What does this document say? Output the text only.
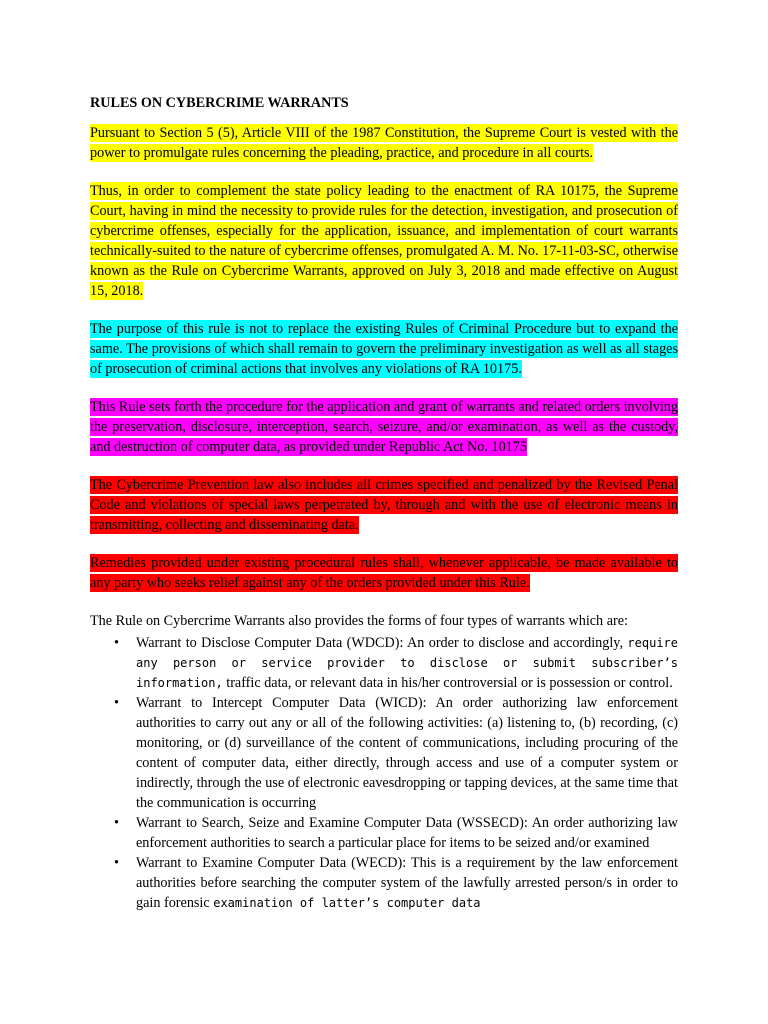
RULES ON CYBERCRIME WARRANTS

Pursuant to Section 5 (5), Article VIII of the 1987 Constitution, the Supreme Court is vested with the power to promulgate rules concerning the pleading, practice, and procedure in all courts.

Thus, in order to complement the state policy leading to the enactment of RA 10175, the Supreme Court, having in mind the necessity to provide rules for the detection, investigation, and prosecution of cybercrime offenses, especially for the application, issuance, and implementation of court warrants technically-suited to the nature of cybercrime offenses, promulgated A. M. No. 17-11-03-SC, otherwise known as the Rule on Cybercrime Warrants, approved on July 3, 2018 and made effective on August 15, 2018.

The purpose of this rule is not to replace the existing Rules of Criminal Procedure but to expand the same. The provisions of which shall remain to govern the preliminary investigation as well as all stages of prosecution of criminal actions that involves any violations of RA 10175.

This Rule sets forth the procedure for the application and grant of warrants and related orders involving the preservation, disclosure, interception, search, seizure, and/or examination, as well as the custody, and destruction of computer data, as provided under Republic Act No. 10175

The Cybercrime Prevention law also includes all crimes specified and penalized by the Revised Penal Code and violations of special laws perpetrated by, through and with the use of electronic means in transmitting, collecting and disseminating data.

Remedies provided under existing procedural rules shall, whenever applicable, be made available to any party who seeks relief against any of the orders provided under this Rule.

The Rule on Cybercrime Warrants also provides the forms of four types of warrants which are:
• Warrant to Disclose Computer Data (WDCD): An order to disclose and accordingly, require any person or service provider to disclose or submit subscriber’s information, traffic data, or relevant data in his/her controversial or is possession or control.
• Warrant to Intercept Computer Data (WICD): An order authorizing law enforcement authorities to carry out any or all of the following activities: (a) listening to, (b) recording, (c) monitoring, or (d) surveillance of the content of communications, including procuring of the content of computer data, either directly, through access and use of a computer system or indirectly, through the use of electronic eavesdropping or tapping devices, at the same time that the communication is occurring
• Warrant to Search, Seize and Examine Computer Data (WSSECD): An order authorizing law enforcement authorities to search a particular place for items to be seized and/or examined
• Warrant to Examine Computer Data (WECD): This is a requirement by the law enforcement authorities before searching the computer system of the lawfully arrested person/s in order to gain forensic examination of latter’s computer data
